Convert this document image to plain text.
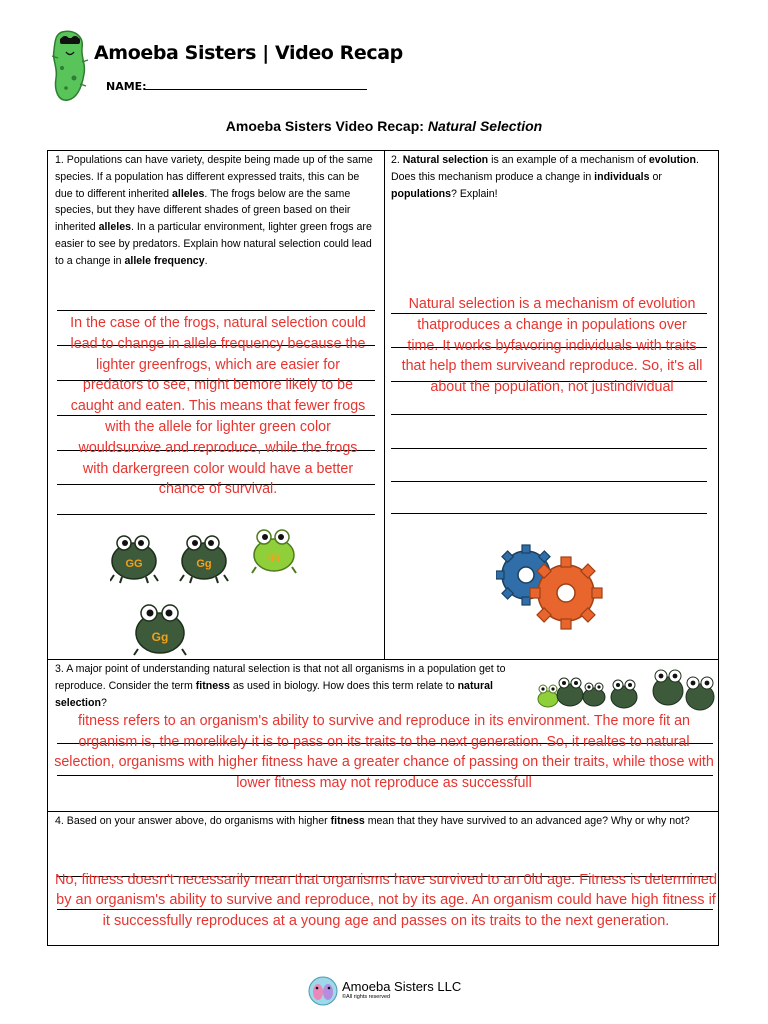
Amoeba Sisters | Video Recap
NAME:
Amoeba Sisters Video Recap: Natural Selection
1. Populations can have variety, despite being made up of the same species. If a population has different expressed traits, this can be due to different inherited alleles. The frogs below are the same species, but they have different shades of green based on their inherited alleles. In a particular environment, lighter green frogs are easier to see by predators. Explain how natural selection could lead to a change in allele frequency.
In the case of the frogs, natural selection could lead to change in allele frequency because the lighter greenfrogs, which are easier for predators to see, might bemore likely to be caught and eaten. This means that fewer frogs with the allele for lighter green color wouldsurvive and reproduce, while the frogs with darkergreen color would have a better chance of survival.
GG	Gg
gg
Gg
2. Natural selection is an example of a mechanism of evolution. Does this mechanism produce a change in individuals or populations? Explain!
Natural selection is a mechanism of evolution thatproduces a change in populations over time. It works byfavoring individuals with traits that help them surviveand reproduce. So, it's all about the population, not justindividual
3. A major point of understanding natural selection is that not all organisms in a population get to reproduce. Consider the term fitness as used in biology. How does this term relate to natural selection?
fitness refers to an organism's ability to survive and reproduce in its environment. The more fit an organism is, the morelikely it is to pass on its traits to the next generation. So, it realtes to natural selection, organisms with higher fitness have a greater chance of passing on their traits, while those with lower fitness may not reproduce as successfull
4. Based on your answer above, do organisms with higher fitness mean that they have survived to an advanced age? Why or why not?
No, fitness doesn't necessarily mean that organisms have survived to an 0ld age. Fitness is determined by an organism's ability to survive and reproduce, not by its age. An organism could have high fitness if it successfully reproduces at a young age and passes on its traits to the next generation.
Amoeba Sisters LLC
©All rights reserved
